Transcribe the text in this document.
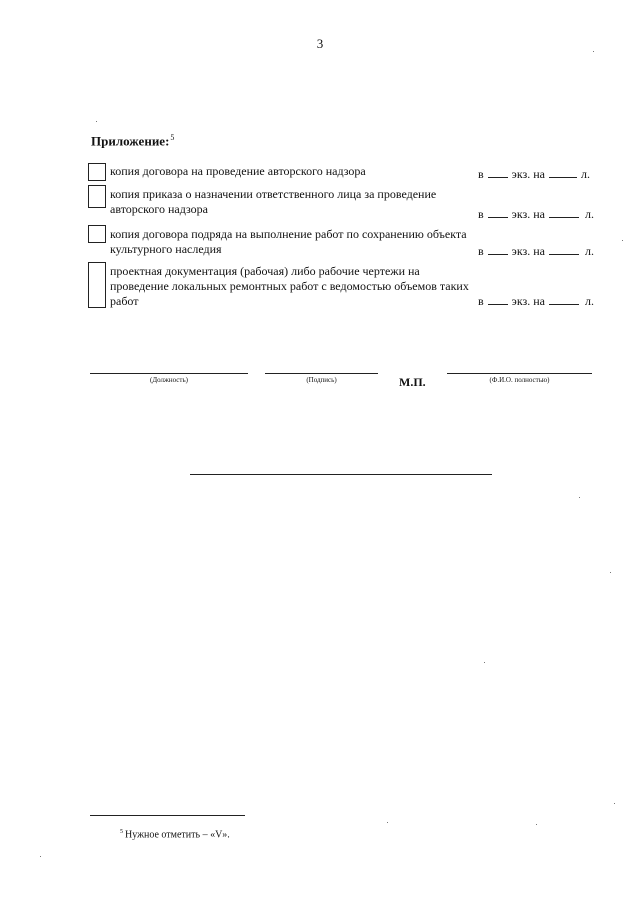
3
Приложение:$^5$
копия договора на проведение авторского надзора	в экз. на	л.
копия приказа о назначении ответственного лица за проведение авторского надзора	в экз. на	л.
копия договора подряда на выполнение работ по сохранению объекта культурного наследия	в экз. на	л.
проектная документация (рабочая) либо рабочие чертежи на проведение локальных ремонтных работ с ведомостью объемов таких работ	в экз. на	л.
(Должность)	(Подпись)	М.П.	(Ф.И.О. полностью)
$^5$ Нужное отметить – «V».
